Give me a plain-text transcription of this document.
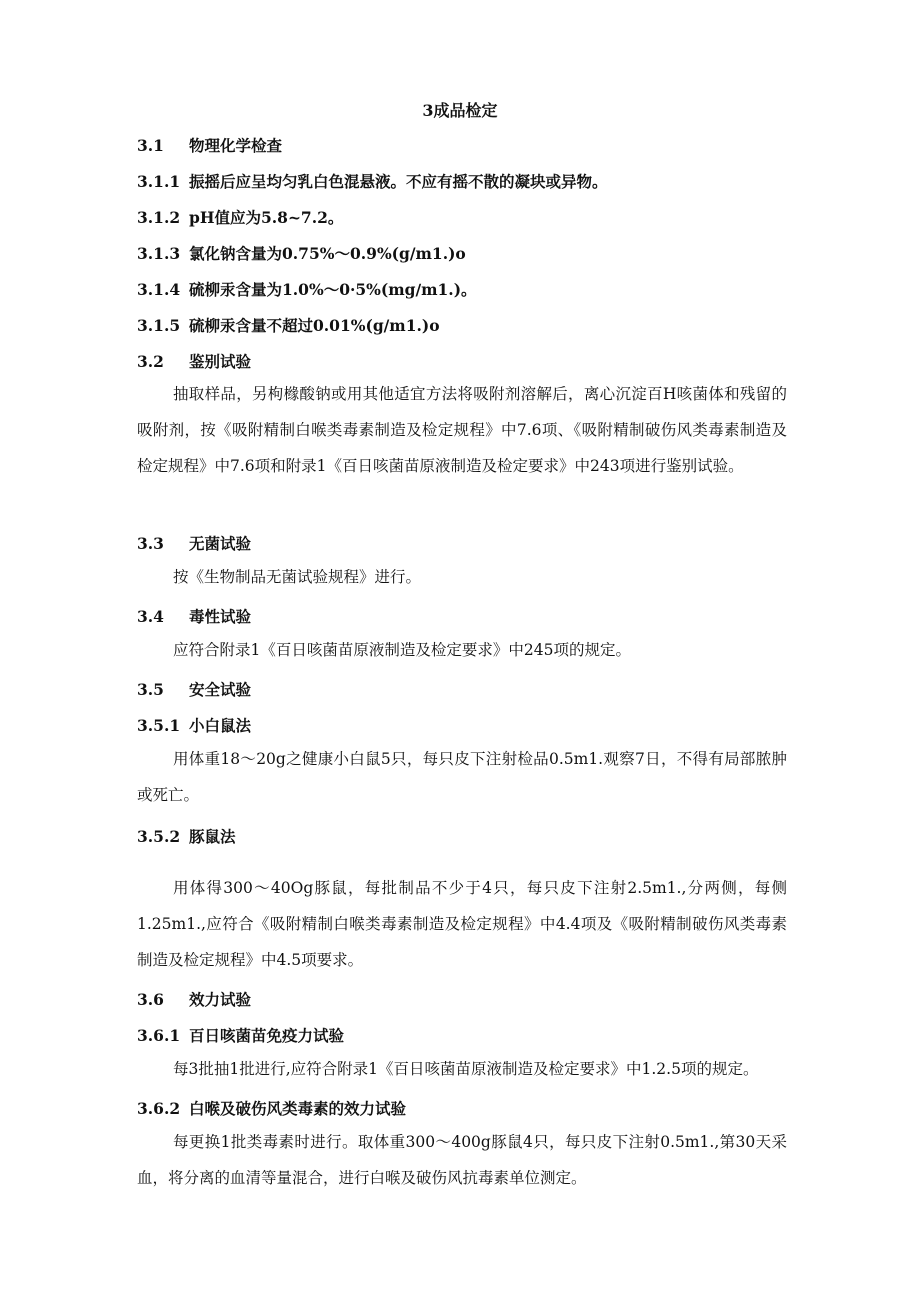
3成品检定
3.1 物理化学检查
3.1.1 振摇后应呈均匀乳白色混悬液。不应有摇不散的凝块或异物。
3.1.2 pH值应为5.8~7.2。
3.1.3 氯化钠含量为0.75%～0.9%(g/m1.)o
3.1.4 硫柳汞含量为1.0%～0·5%(mg∕m1.)。
3.1.5 硫柳汞含量不超过0.01%(g/m1.)o
3.2 鉴别试验
抽取样品，另枸橼酸钠或用其他适宜方法将吸附剂溶解后，离心沉淀百H咳菌体和残留的吸附剂，按《吸附精制白喉类毒素制造及检定规程》中7.6项、《吸附精制破伤风类毒素制造及检定规程》中7.6项和附录1《百日咳菌苗原液制造及检定要求》中243项进行鉴别试验。
3.3 无菌试验
按《生物制品无菌试验规程》进行。
3.4 毒性试验
应符合附录1《百日咳菌苗原液制造及检定要求》中245项的规定。
3.5 安全试验
3.5.1 小白鼠法
用体重18～20g之健康小白鼠5只，每只皮下注射检品0.5m1.观察7日，不得有局部脓肿或死亡。
3.5.2 豚鼠法
用体得300～40Og豚鼠，每批制品不少于4只，每只皮下注射2.5m1.,分两侧，每侧1.25m1.,应符合《吸附精制白喉类毒素制造及检定规程》中4.4项及《吸附精制破伤风类毒素制造及检定规程》中4.5项要求。
3.6 效力试验
3.6.1 百日咳菌苗免疫力试验
每3批抽1批进行,应符合附录1《百日咳菌苗原液制造及检定要求》中1.2.5项的规定。
3.6.2 白喉及破伤风类毒素的效力试验
每更换1批类毒素时进行。取体重300～400g豚鼠4只，每只皮下注射0.5m1.,第30天采血，将分离的血清等量混合，进行白喉及破伤风抗毒素单位测定。
